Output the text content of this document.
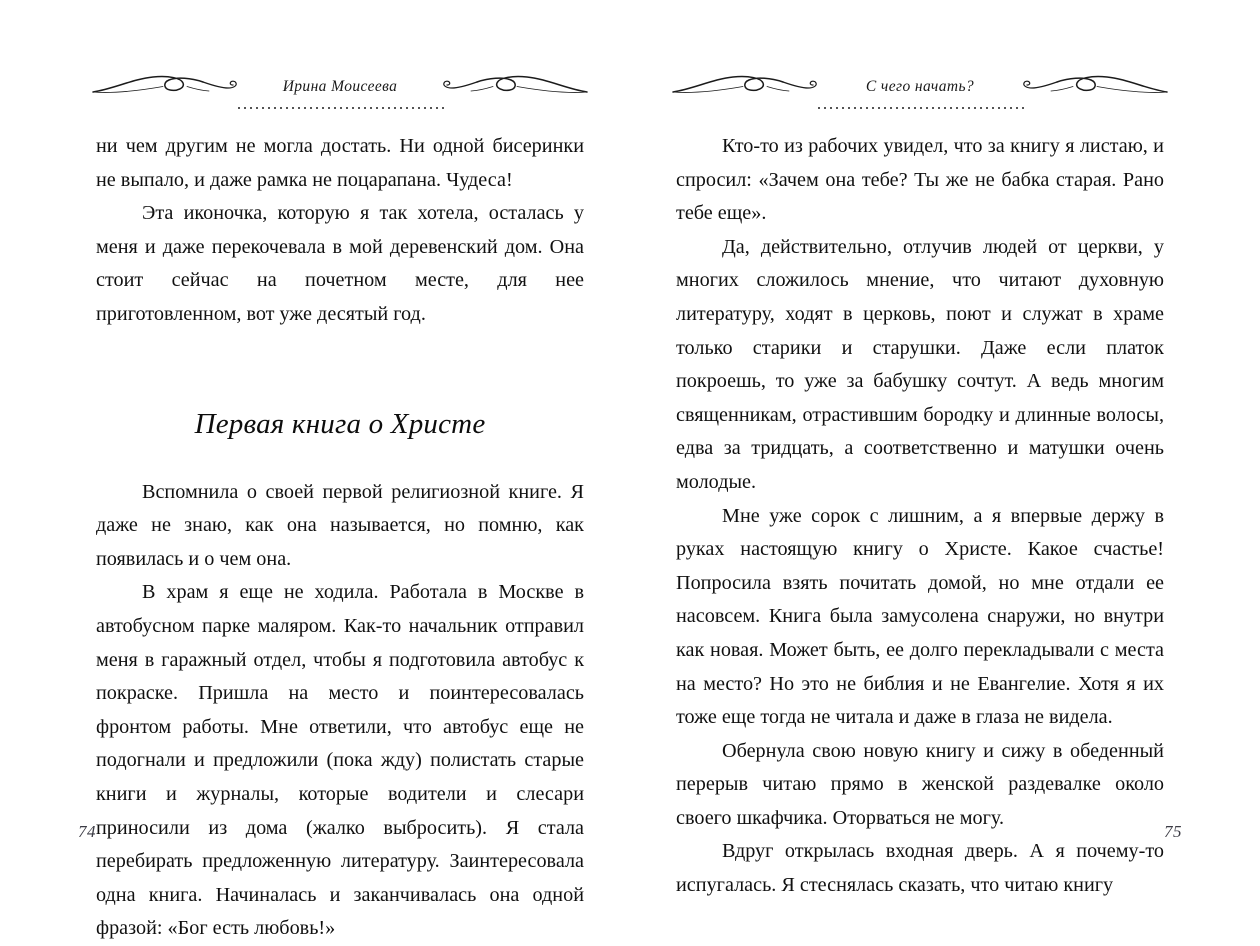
Ирина Моисеева

ни чем другим не могла достать. Ни одной бисеринки не выпало, и даже рамка не поцарапана. Чудеса!

Эта иконочка, которую я так хотела, осталась у меня и даже перекочевала в мой деревенский дом. Она стоит сейчас на почетном месте, для нее приготовленном, вот уже десятый год.

Первая книга о Христе

Вспомнила о своей первой религиозной книге. Я даже не знаю, как она называется, но помню, как появилась и о чем она.

В храм я еще не ходила. Работала в Москве в автобусном парке маляром. Как-то начальник отправил меня в гаражный отдел, чтобы я подготовила автобус к покраске. Пришла на место и поинтересовалась фронтом работы. Мне ответили, что автобус еще не подогнали и предложили (пока жду) полистать старые книги и журналы, которые водители и слесари приносили из дома (жалко выбросить). Я стала перебирать предложенную литературу. Заинтересовала одна книга. Начиналась и заканчивалась она одной фразой: «Бог есть любовь!»

74
С чего начать?

Кто-то из рабочих увидел, что за книгу я листаю, и спросил: «Зачем она тебе? Ты же не бабка старая. Рано тебе еще».

Да, действительно, отлучив людей от церкви, у многих сложилось мнение, что читают духовную литературу, ходят в церковь, поют и служат в храме только старики и старушки. Даже если платок покроешь, то уже за бабушку сочтут. А ведь многим священникам, отрастившим бородку и длинные волосы, едва за тридцать, а соответственно и матушки очень молодые.

Мне уже сорок с лишним, а я впервые держу в руках настоящую книгу о Христе. Какое счастье! Попросила взять почитать домой, но мне отдали ее насовсем. Книга была замусолена снаружи, но внутри как новая. Может быть, ее долго перекладывали с места на место? Но это не библия и не Евангелие. Хотя я их тоже еще тогда не читала и даже в глаза не видела.

Обернула свою новую книгу и сижу в обеденный перерыв читаю прямо в женской раздевалке около своего шкафчика. Оторваться не могу.

Вдруг открылась входная дверь. А я почему-то испугалась. Я стеснялась сказать, что читаю книгу

75
